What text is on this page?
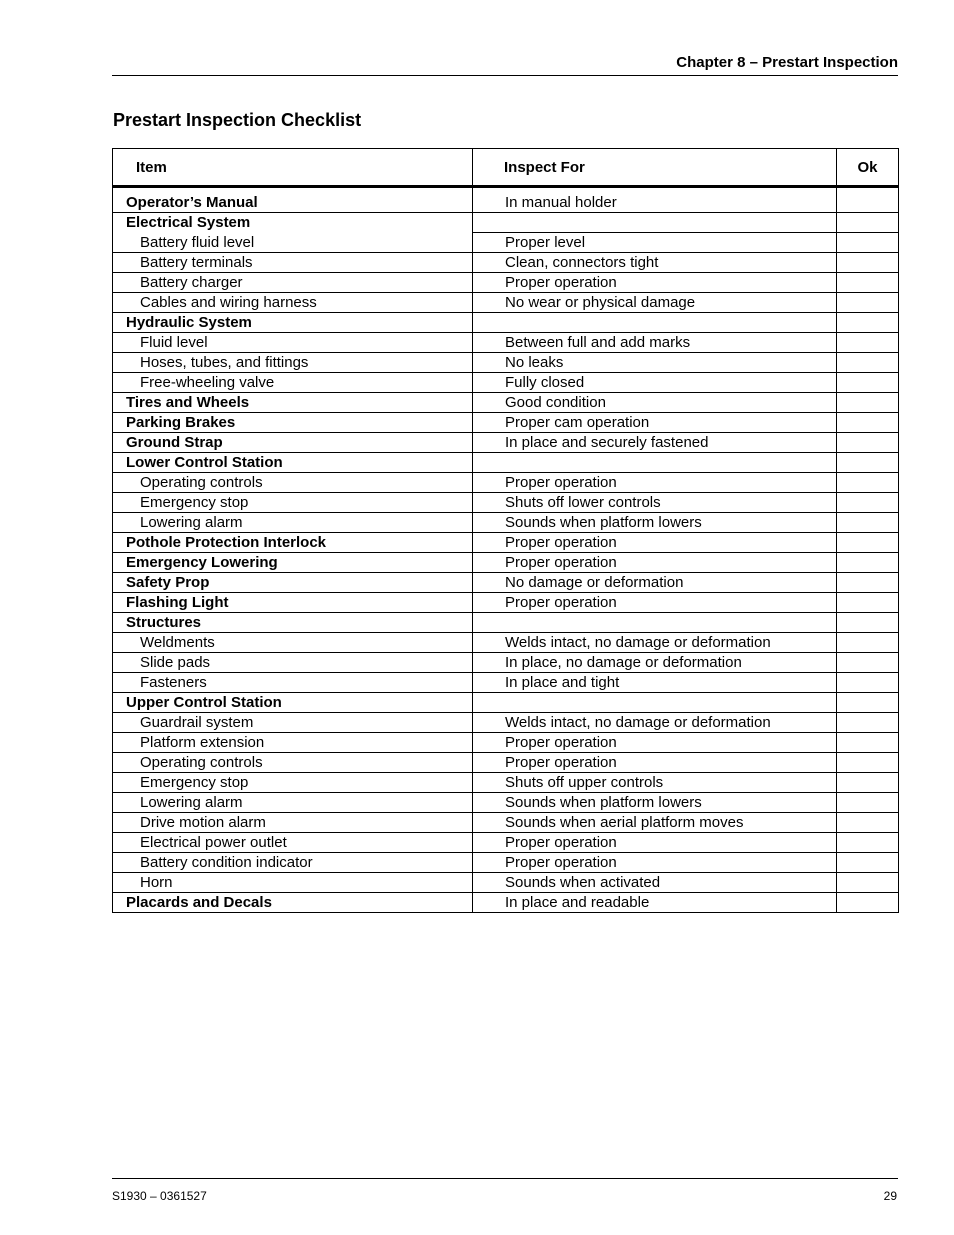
Chapter 8 – Prestart Inspection
Prestart Inspection Checklist
Item	Inspect For	Ok

Operator’s Manual	In manual holder	
Electrical System		
Battery fluid level	Proper level	
Battery terminals	Clean, connectors tight	
Battery charger	Proper operation	
Cables and wiring harness	No wear or physical damage	
Hydraulic System		
Fluid level	Between full and add marks	
Hoses, tubes, and fittings	No leaks	
Free-wheeling valve	Fully closed	
Tires and Wheels	Good condition	
Parking Brakes	Proper cam operation	
Ground Strap	In place and securely fastened	
Lower Control Station		
Operating controls	Proper operation	
Emergency stop	Shuts off lower controls	
Lowering alarm	Sounds when platform lowers	
Pothole Protection Interlock	Proper operation	
Emergency Lowering	Proper operation	
Safety Prop	No damage or deformation	
Flashing Light	Proper operation	
Structures		
Weldments	Welds intact, no damage or deformation	
Slide pads	In place, no damage or deformation	
Fasteners	In place and tight	
Upper Control Station		
Guardrail system	Welds intact, no damage or deformation	
Platform extension	Proper operation	
Operating controls	Proper operation	
Emergency stop	Shuts off upper controls	
Lowering alarm	Sounds when platform lowers	
Drive motion alarm	Sounds when aerial platform moves	
Electrical power outlet	Proper operation	
Battery condition indicator	Proper operation	
Horn	Sounds when activated	
Placards and Decals	In place and readable	
S1930 – 0361527	29
